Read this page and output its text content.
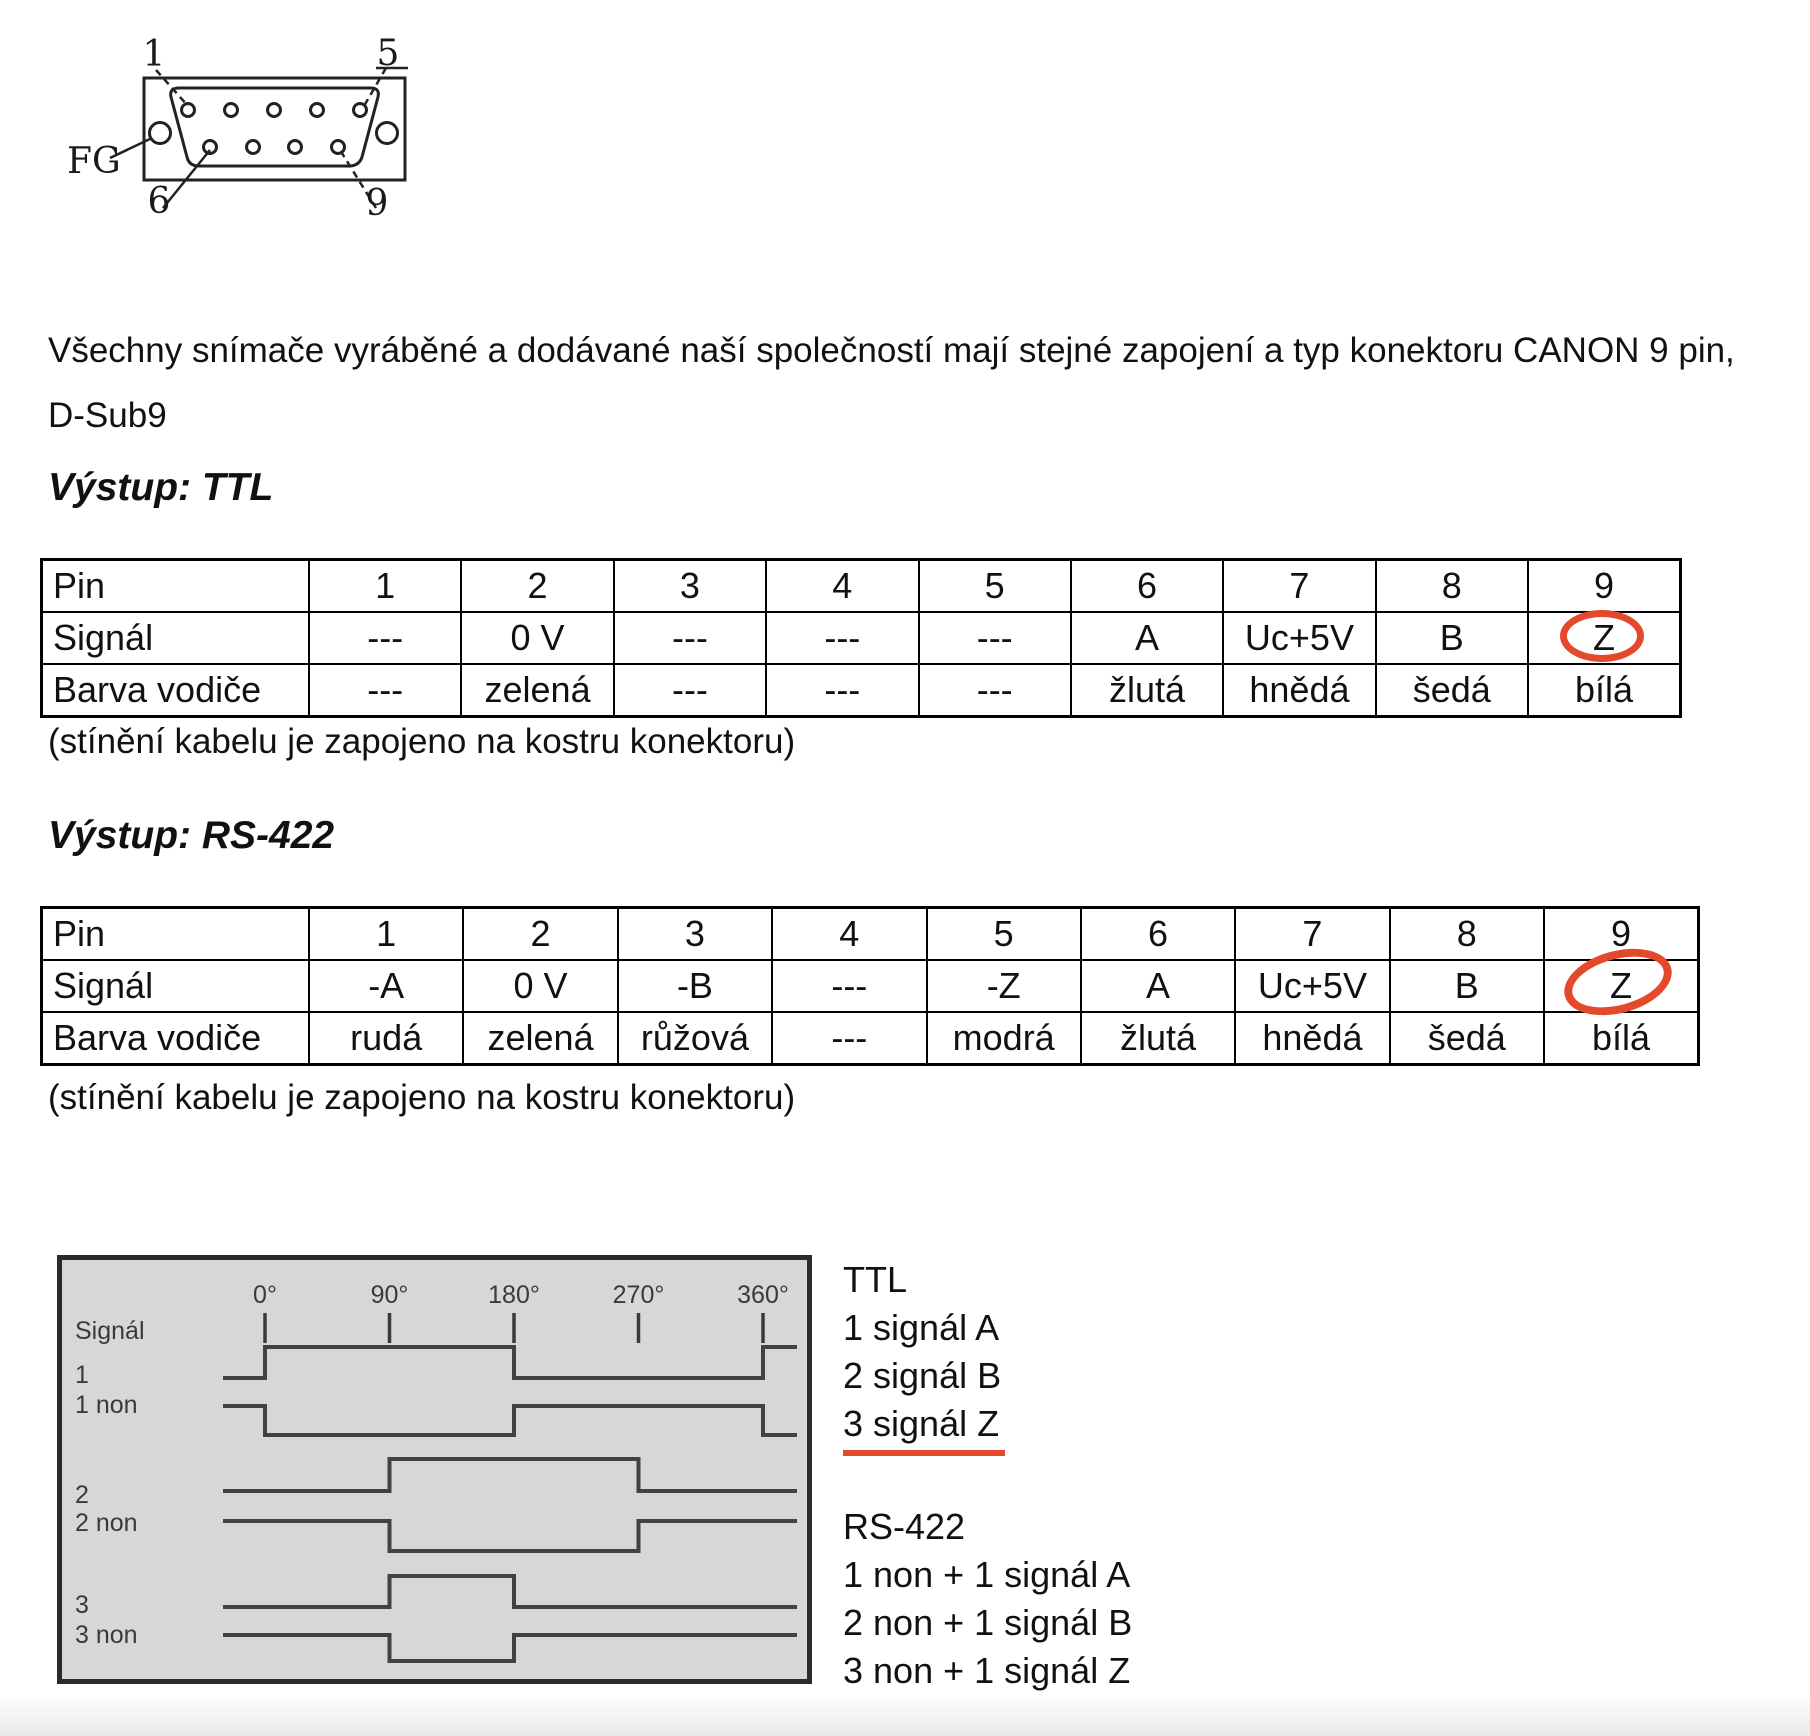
1	5
6	9
FG
Všechny snímače vyráběné a dodávané naší společností mají stejné zapojení a typ konektoru CANON 9 pin, D-Sub9
Výstup: TTL
Pin	1	2	3	4	5	6	7	8	9
Signál	---	0 V	---	---	---	A	Uc+5V	B	Z
Barva vodiče	---	zelená	---	---	---	žlutá	hnědá	šedá	bílá
(stínění kabelu je zapojeno na kostru konektoru)
Výstup: RS-422
Pin	1	2	3	4	5	6	7	8	9
Signál	-A	0 V	-B	---	-Z	A	Uc+5V	B	Z
Barva vodiče	rudá	zelená	růžová	---	modrá	žlutá	hnědá	šedá	bílá
(stínění kabelu je zapojeno na kostru konektoru)
Signál
0°	90°	180°	270°	360°
1
1 non
2
2 non
3
3 non
TTL
1 signál A
2 signál B
3 signál Z
RS-422
1 non + 1 signál A
2 non + 1 signál B
3 non + 1 signál Z
